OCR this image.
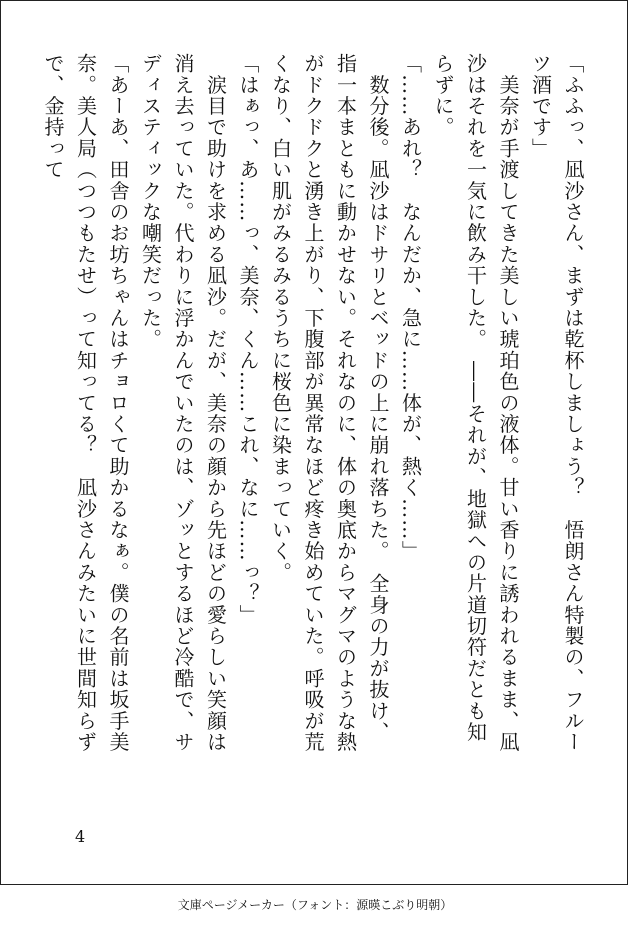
「ふふっ、凪沙さん、まずは乾杯しましょう？　悟朗さん特製の、フルーツ酒です」

　美奈が手渡してきた美しい琥珀色の液体。甘い香りに誘われるまま、凪沙はそれを一気に飲み干した。　――それが、地獄への片道切符だとも知らずに。

「……あれ？　なんだか、急に……体が、熱く……」

　数分後。凪沙はドサリとベッドの上に崩れ落ちた。　全身の力が抜け、指一本まともに動かせない。それなのに、体の奥底からマグマのような熱がドクドクと湧き上がり、下腹部が異常なほど疼き始めていた。呼吸が荒くなり、白い肌がみるみるうちに桜色に染まっていく。

「はぁっ、あ……っ、美奈、くん……これ、なに……っ？」

　涙目で助けを求める凪沙。だが、美奈の顔から先ほどの愛らしい笑顔は消え去っていた。代わりに浮かんでいたのは、ゾッとするほど冷酷で、サディスティックな嘲笑だった。

「あーあ、田舎のお坊ちゃんはチョロくて助かるなぁ。僕の名前は坂手美奈。美人局（つつもたせ）って知ってる？　凪沙さんみたいに世間知らずで、金持って

4
文庫ページメーカー（フォント：源暎こぶり明朝）
